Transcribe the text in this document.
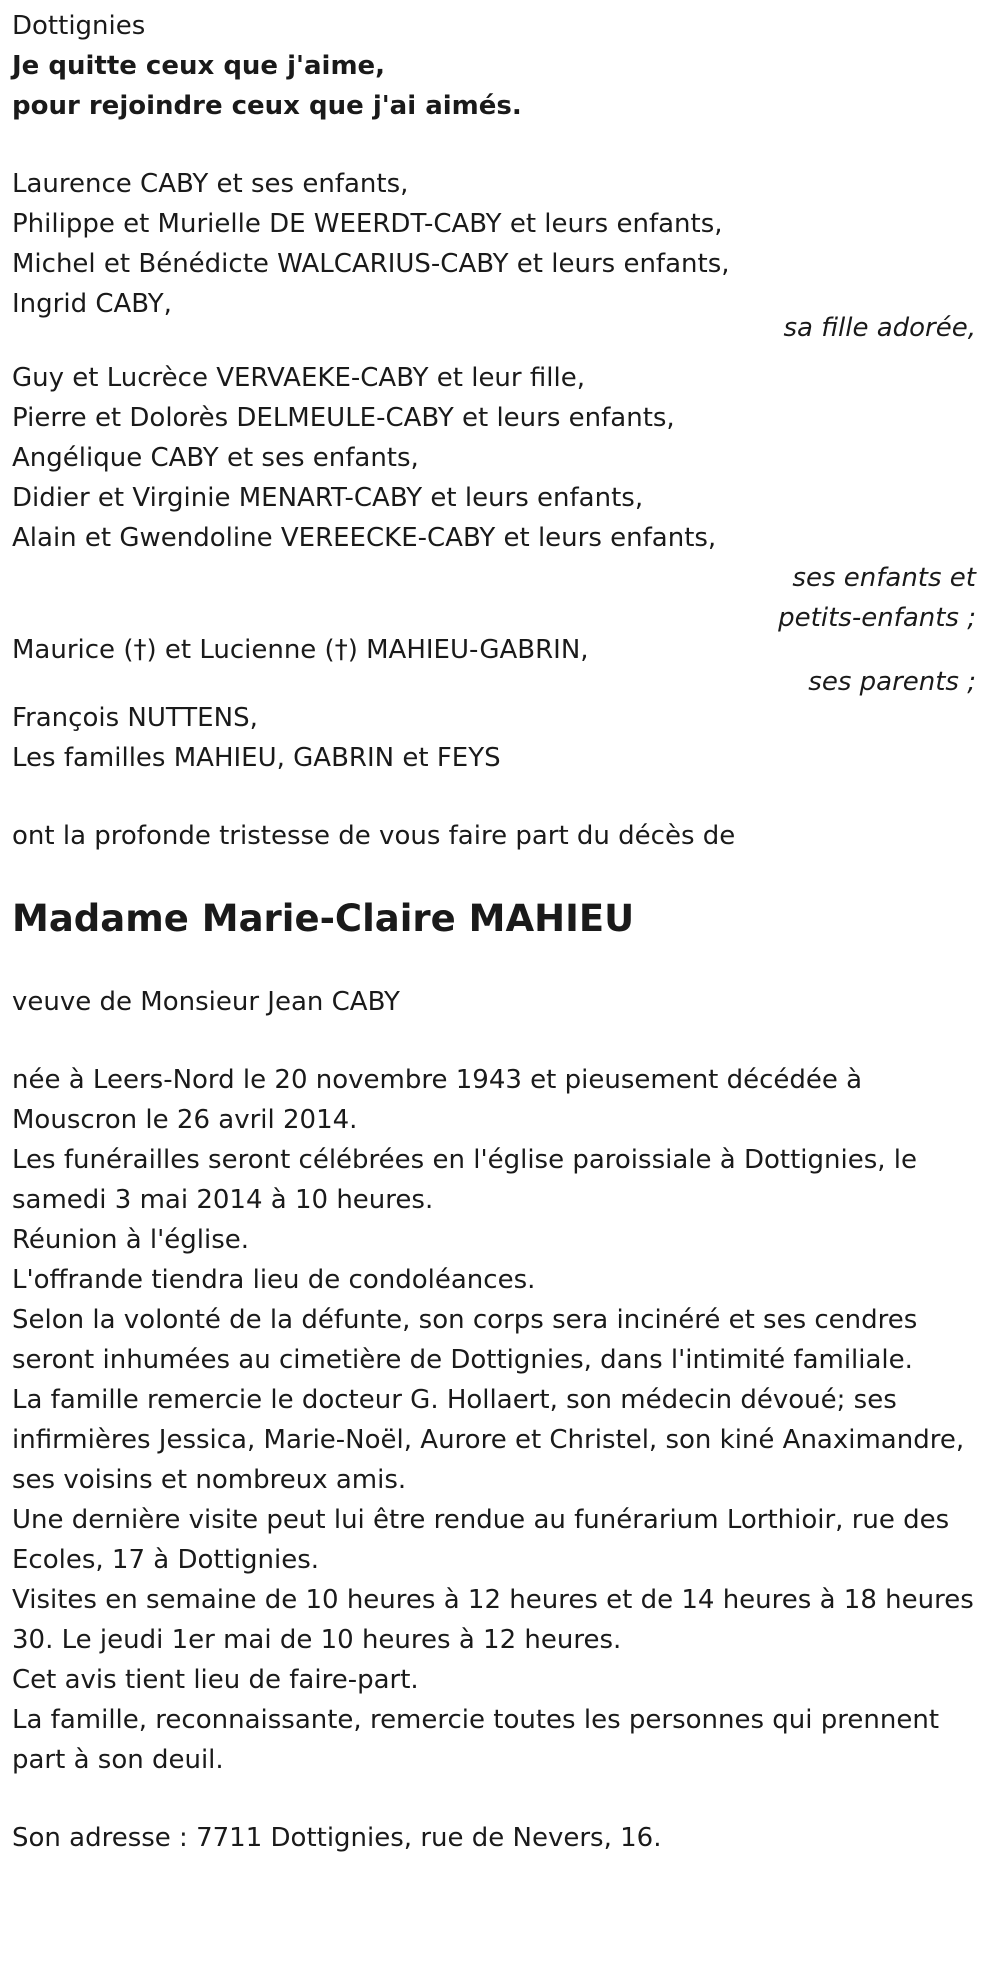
Dottignies
Je quitte ceux que j'aime,
pour rejoindre ceux que j'ai aimés.
Laurence CABY et ses enfants,
Philippe et Murielle DE WEERDT-CABY et leurs enfants,
Michel et Bénédicte WALCARIUS-CABY et leurs enfants,
Ingrid CABY,
sa fille adorée,
Guy et Lucrèce VERVAEKE-CABY et leur fille,
Pierre et Dolorès DELMEULE-CABY et leurs enfants,
Angélique CABY et ses enfants,
Didier et Virginie MENART-CABY et leurs enfants,
Alain et Gwendoline VEREECKE-CABY et leurs enfants,
ses enfants et
petits-enfants ;
Maurice (†) et Lucienne (†) MAHIEU-GABRIN,
ses parents ;
François NUTTENS,
Les familles MAHIEU, GABRIN et FEYS
ont la profonde tristesse de vous faire part du décès de
Madame Marie-Claire MAHIEU
veuve de Monsieur Jean CABY

née à Leers-Nord le 20 novembre 1943 et pieusement décédée à Mouscron le 26 avril 2014.

Les funérailles seront célébrées en l'église paroissiale à Dottignies, le samedi 3 mai 2014 à 10 heures.

Réunion à l'église.

L'offrande tiendra lieu de condoléances.

Selon la volonté de la défunte, son corps sera incinéré et ses cendres seront inhumées au cimetière de Dottignies, dans l'intimité familiale.

La famille remercie le docteur G. Hollaert, son médecin dévoué; ses infirmières Jessica, Marie-Noël, Aurore et Christel, son kiné Anaximandre, ses voisins et nombreux amis.

Une dernière visite peut lui être rendue au funérarium Lorthioir, rue des Ecoles, 17 à Dottignies.

Visites en semaine de 10 heures à 12 heures et de 14 heures à 18 heures 30. Le jeudi 1er mai de 10 heures à 12 heures.

Cet avis tient lieu de faire-part.

La famille, reconnaissante, remercie toutes les personnes qui prennent part à son deuil.

Son adresse : 7711 Dottignies, rue de Nevers, 16.
